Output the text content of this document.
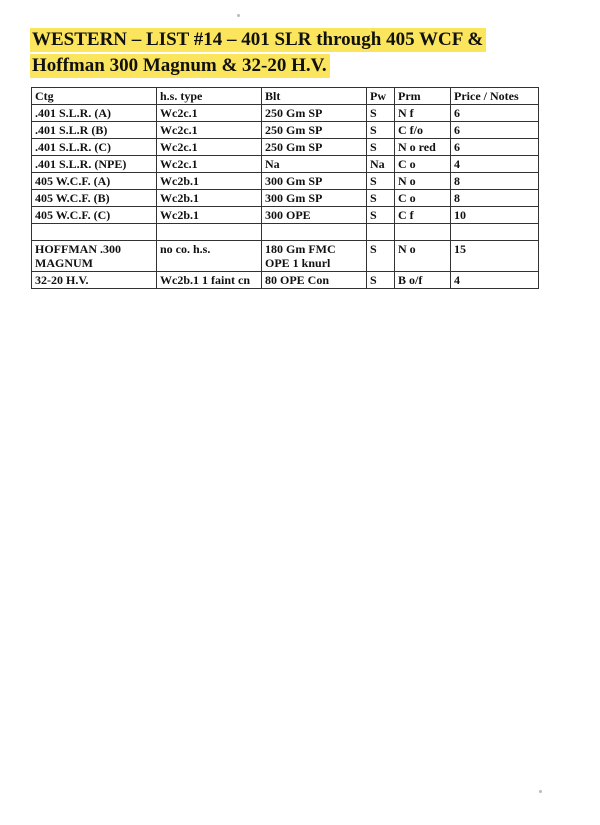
WESTERN – LIST #14 – 401 SLR through 405 WCF &
Hoffman 300 Magnum & 32-20 H.V.
Ctg	h.s. type	Blt	Pw	Prm	Price / Notes
.401 S.L.R. (A)	Wc2c.1	250 Gm SP	S	N f	6
.401 S.L.R (B)	Wc2c.1	250 Gm SP	S	C f/o	6
.401 S.L.R. (C)	Wc2c.1	250 Gm SP	S	N o red	6
.401 S.L.R. (NPE)	Wc2c.1	Na	Na	C o	4
405 W.C.F. (A)	Wc2b.1	300 Gm SP	S	N o	8
405 W.C.F. (B)	Wc2b.1	300 Gm SP	S	C o	8
405 W.C.F. (C)	Wc2b.1	300 OPE	S	C f	10

HOFFMAN .300 MAGNUM	no co. h.s.	180 Gm FMC OPE 1 knurl	S	N o	15
32-20 H.V.	Wc2b.1 1 faint cn	80 OPE Con	S	B o/f	4
